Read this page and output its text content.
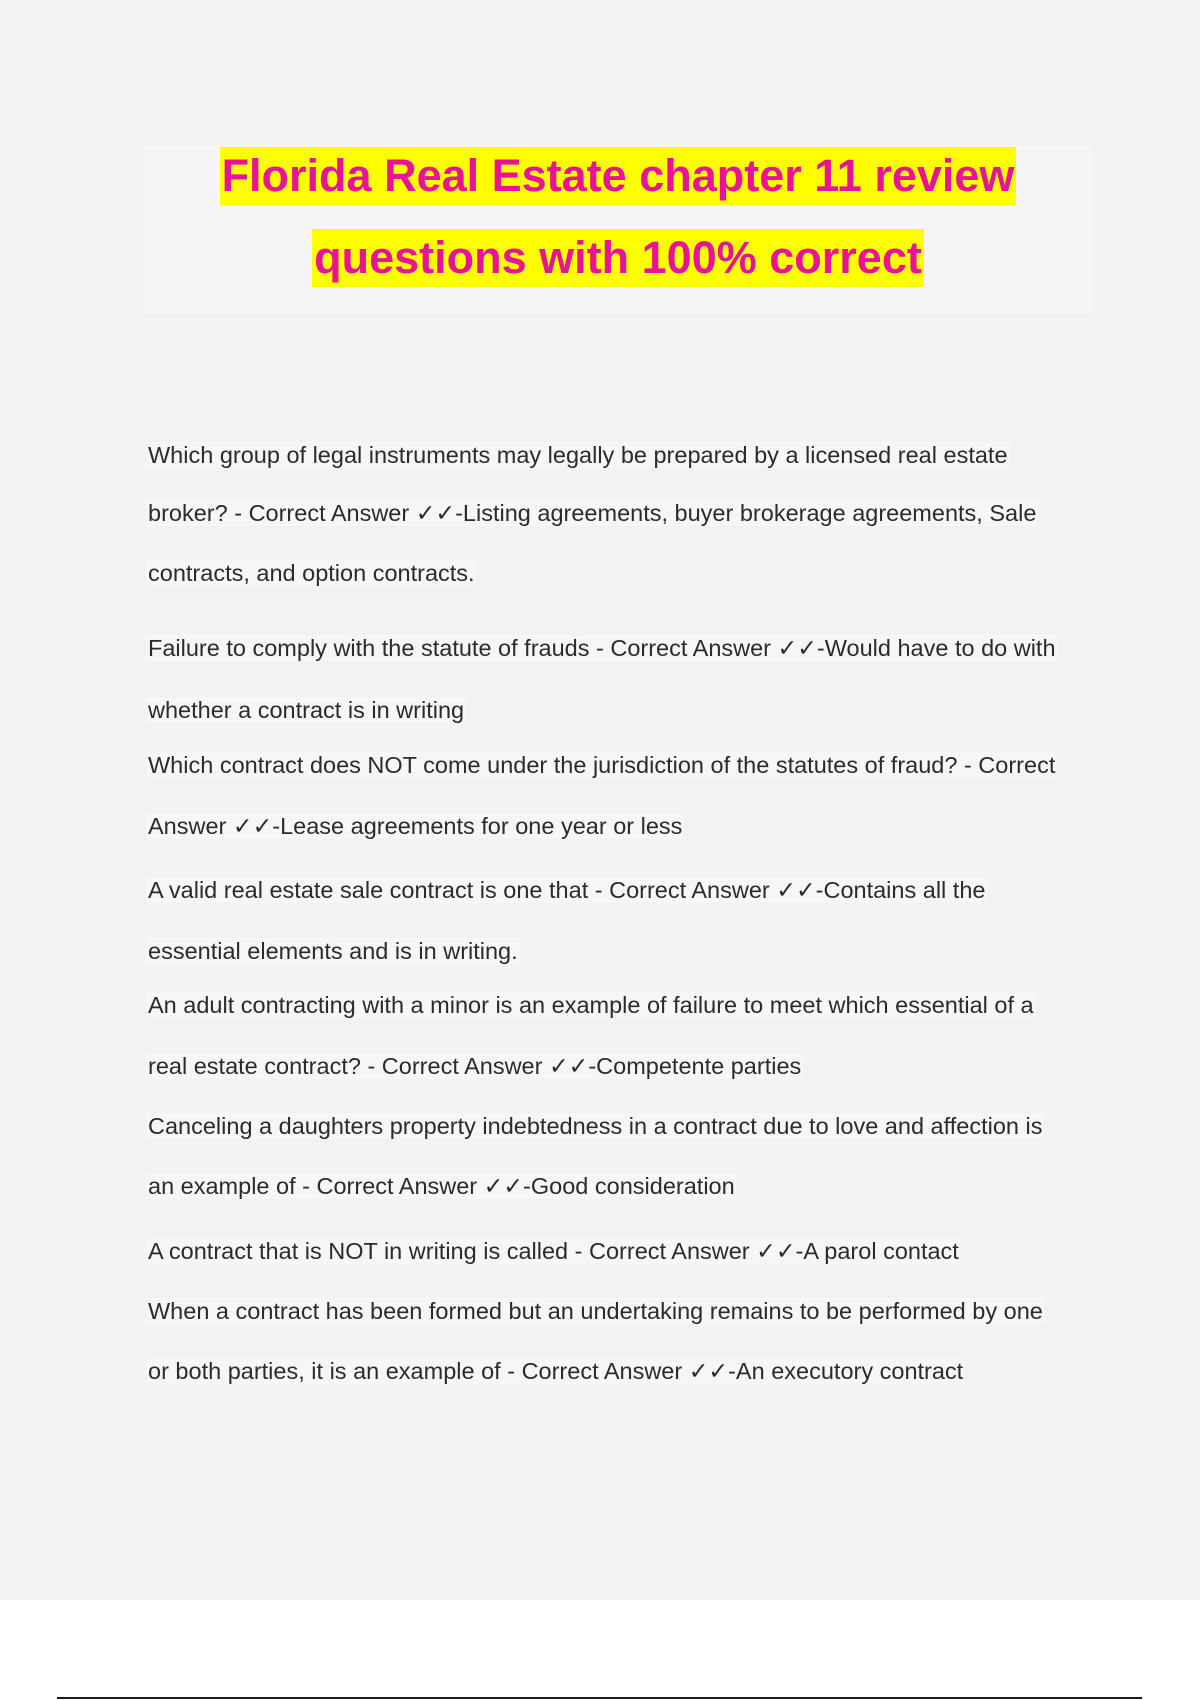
Florida Real Estate chapter 11 review
questions with 100% correct
Which group of legal instruments may legally be prepared by a licensed real estate
broker? - Correct Answer ✓✓-Listing agreements, buyer brokerage agreements, Sale
contracts, and option contracts.
Failure to comply with the statute of frauds - Correct Answer ✓✓-Would have to do with
whether a contract is in writing
Which contract does NOT come under the jurisdiction of the statutes of fraud? - Correct
Answer ✓✓-Lease agreements for one year or less
A valid real estate sale contract is one that - Correct Answer ✓✓-Contains all the
essential elements and is in writing.
An adult contracting with a minor is an example of failure to meet which essential of a
real estate contract? - Correct Answer ✓✓-Competente parties
Canceling a daughters property indebtedness in a contract due to love and affection is
an example of - Correct Answer ✓✓-Good consideration
A contract that is NOT in writing is called - Correct Answer ✓✓-A parol contact
When a contract has been formed but an undertaking remains to be performed by one
or both parties, it is an example of - Correct Answer ✓✓-An executory contract
